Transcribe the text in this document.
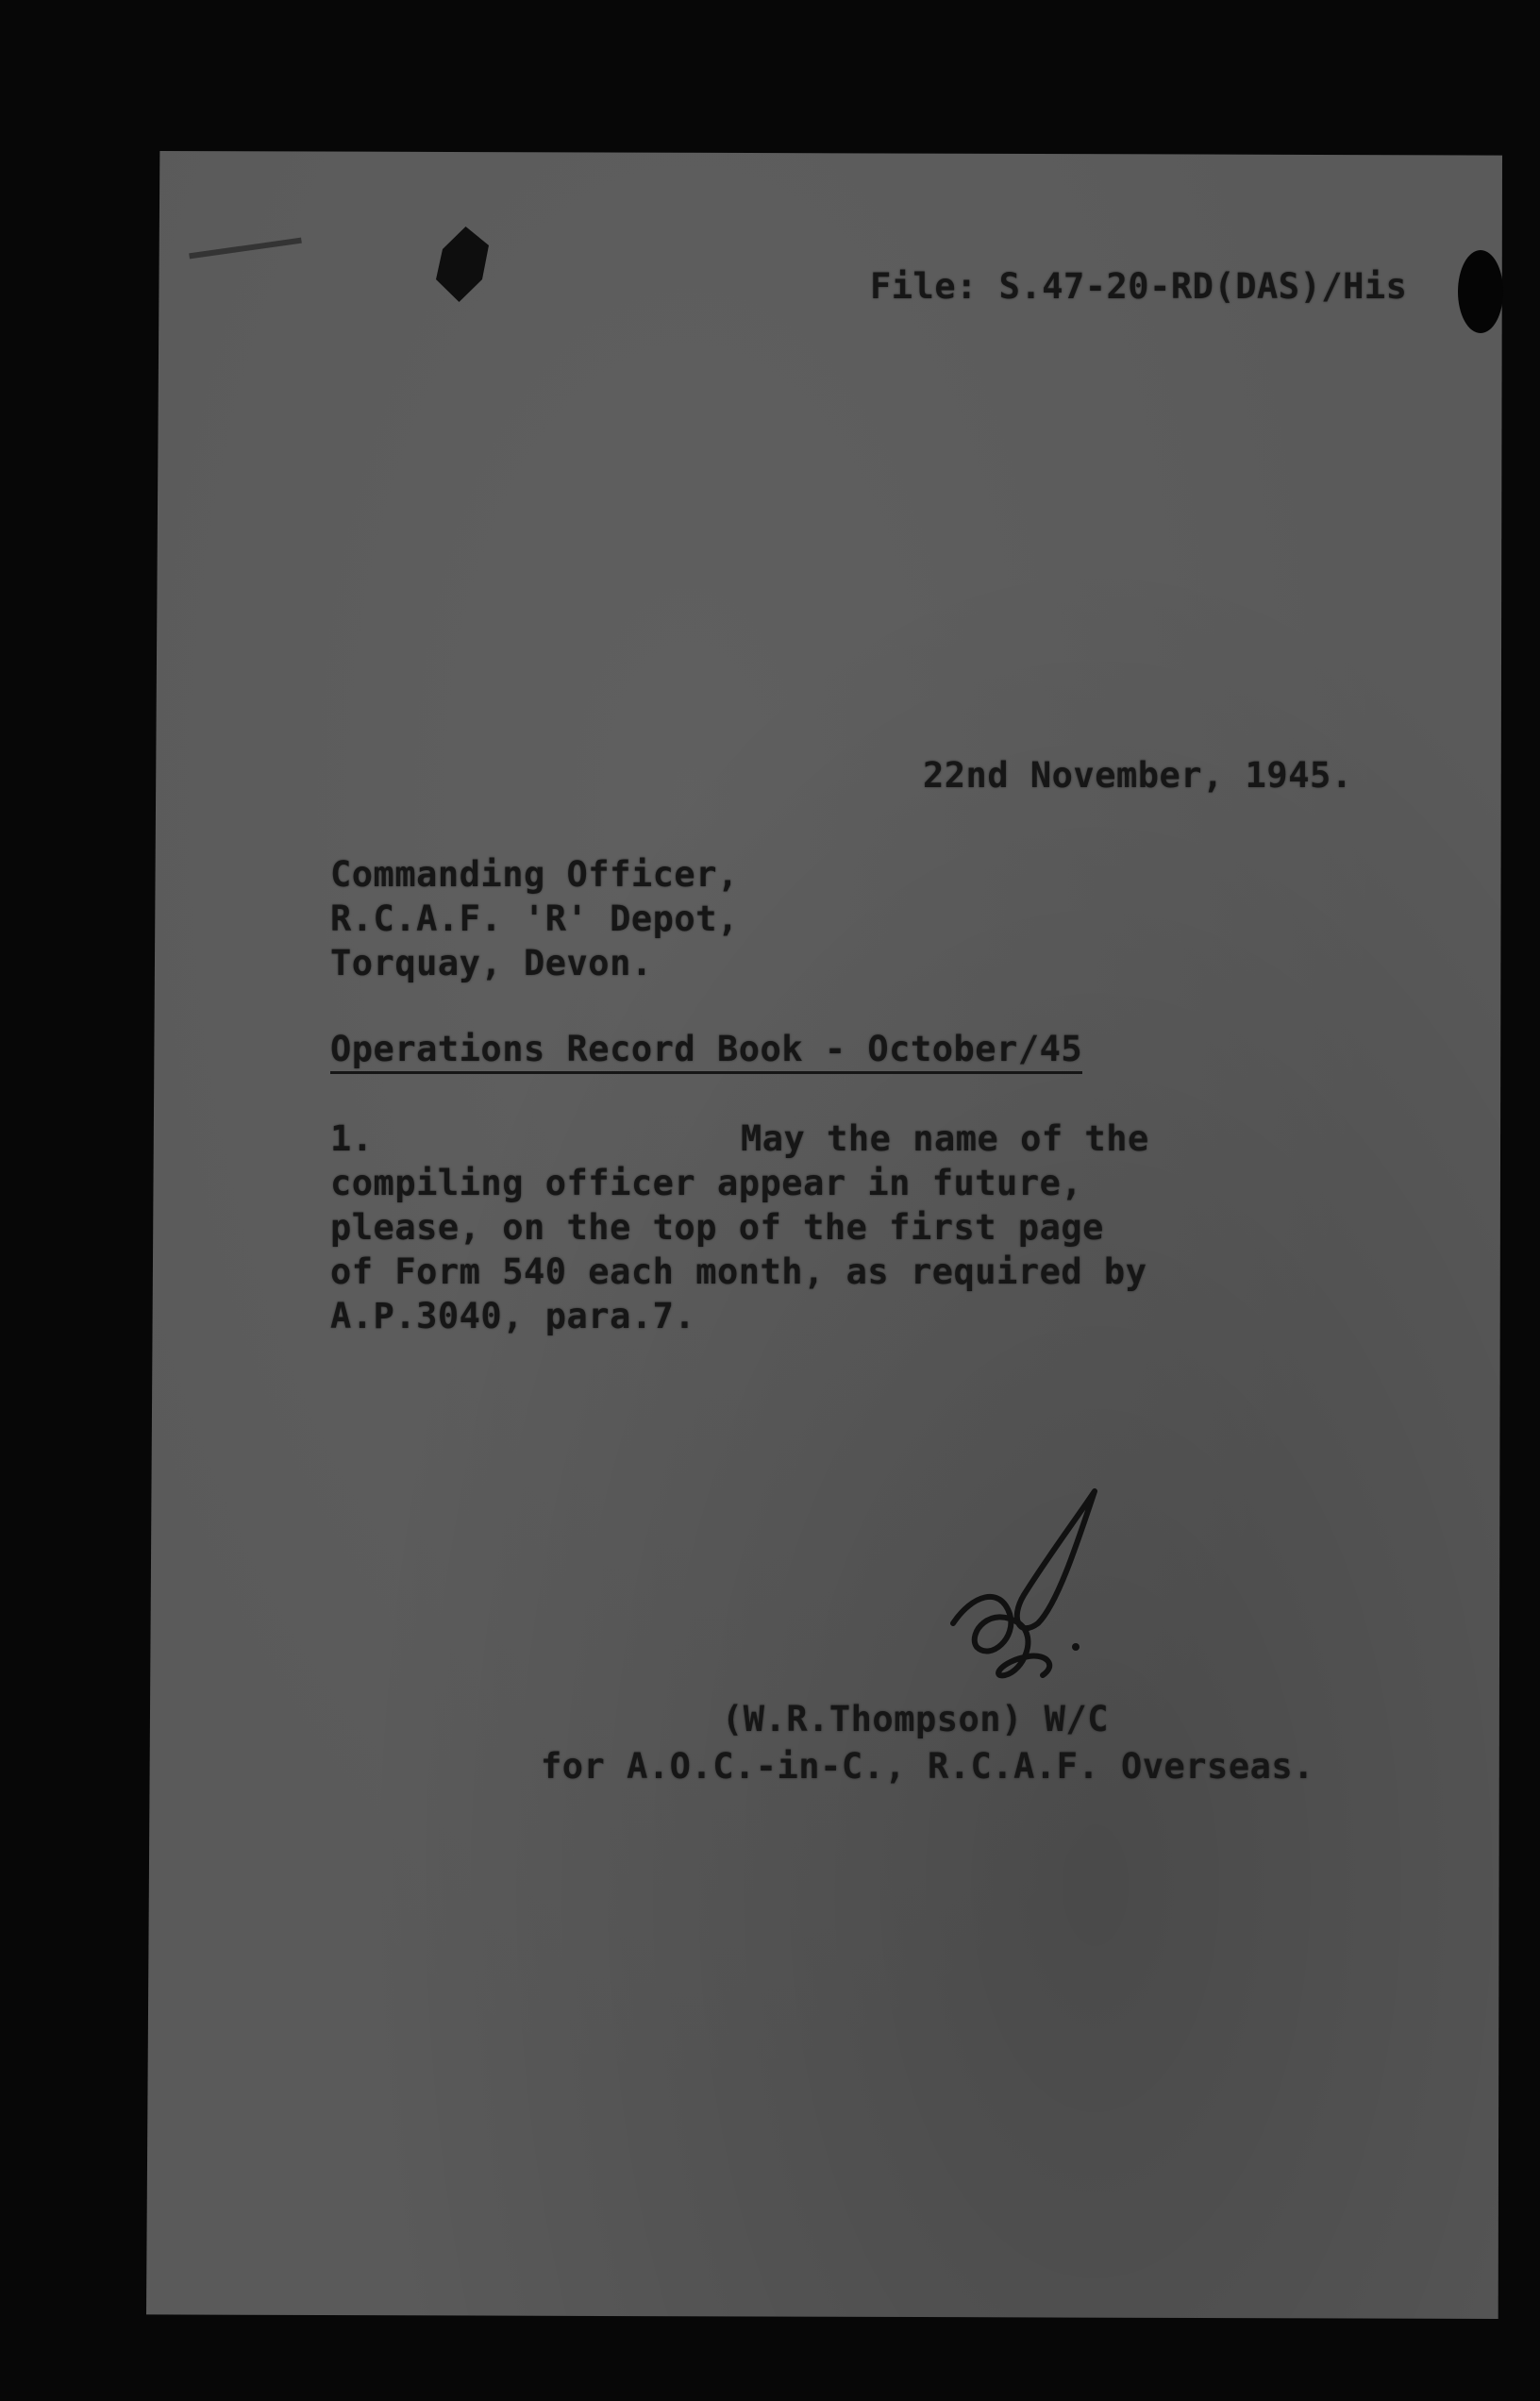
File: S.47-20-RD(DAS)/His
22nd November, 1945.
Commanding Officer,
R.C.A.F. 'R' Depot,
Torquay, Devon.
Operations Record Book - October/45
1.	May the name of the
compiling officer appear in future,
please, on the top of the first page
of Form 540 each month, as required by
A.P.3040, para.7.
(W.R.Thompson) W/C
for A.O.C.-in-C., R.C.A.F. Overseas.
